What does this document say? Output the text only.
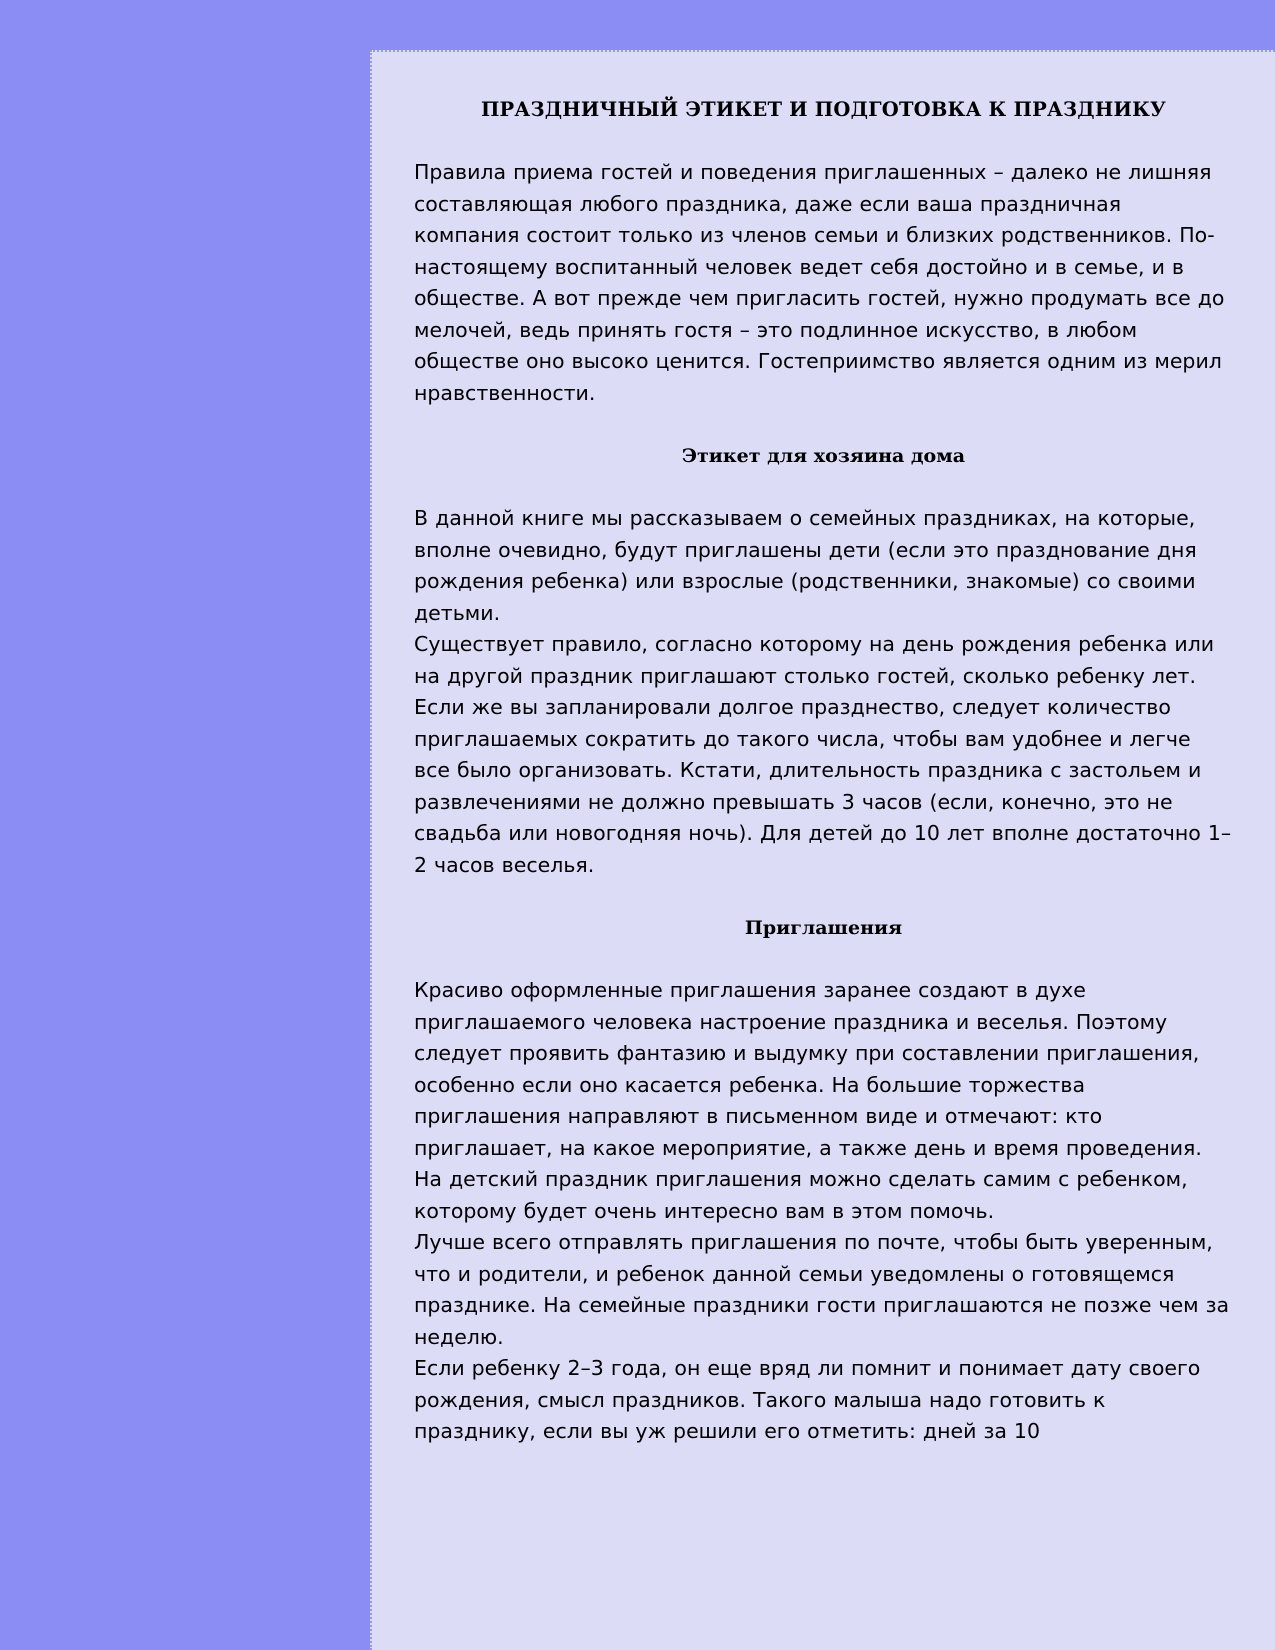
ПРАЗДНИЧНЫЙ ЭТИКЕТ И ПОДГОТОВКА К ПРАЗДНИКУ

Правила приема гостей и поведения приглашенных – далеко не лишняя составляющая любого праздника, даже если ваша праздничная компания состоит только из членов семьи и близких родственников. По-настоящему воспитанный человек ведет себя достойно и в семье, и в обществе. А вот прежде чем пригласить гостей, нужно продумать все до мелочей, ведь принять гостя – это подлинное искусство, в любом обществе оно высоко ценится. Гостеприимство является одним из мерил нравственности.

Этикет для хозяина дома

В данной книге мы рассказываем о семейных праздниках, на которые, вполне очевидно, будут приглашены дети (если это празднование дня рождения ребенка) или взрослые (родственники, знакомые) со своими детьми.

Существует правило, согласно которому на день рождения ребенка или на другой праздник приглашают столько гостей, сколько ребенку лет. Если же вы запланировали долгое празднество, следует количество приглашаемых сократить до такого числа, чтобы вам удобнее и легче все было организовать. Кстати, длительность праздника с застольем и развлечениями не должно превышать 3 часов (если, конечно, это не свадьба или новогодняя ночь). Для детей до 10 лет вполне достаточно 1–2 часов веселья.

Приглашения

Красиво оформленные приглашения заранее создают в духе приглашаемого человека настроение праздника и веселья. Поэтому следует проявить фантазию и выдумку при составлении приглашения, особенно если оно касается ребенка. На большие торжества приглашения направляют в письменном виде и отмечают: кто приглашает, на какое мероприятие, а также день и время проведения. На детский праздник приглашения можно сделать самим с ребенком, которому будет очень интересно вам в этом помочь.

Лучше всего отправлять приглашения по почте, чтобы быть уверенным, что и родители, и ребенок данной семьи уведомлены о готовящемся празднике. На семейные праздники гости приглашаются не позже чем за неделю.

Если ребенку 2–3 года, он еще вряд ли помнит и понимает дату своего рождения, смысл праздников. Такого малыша надо готовить к празднику, если вы уж решили его отметить: дней за 10
